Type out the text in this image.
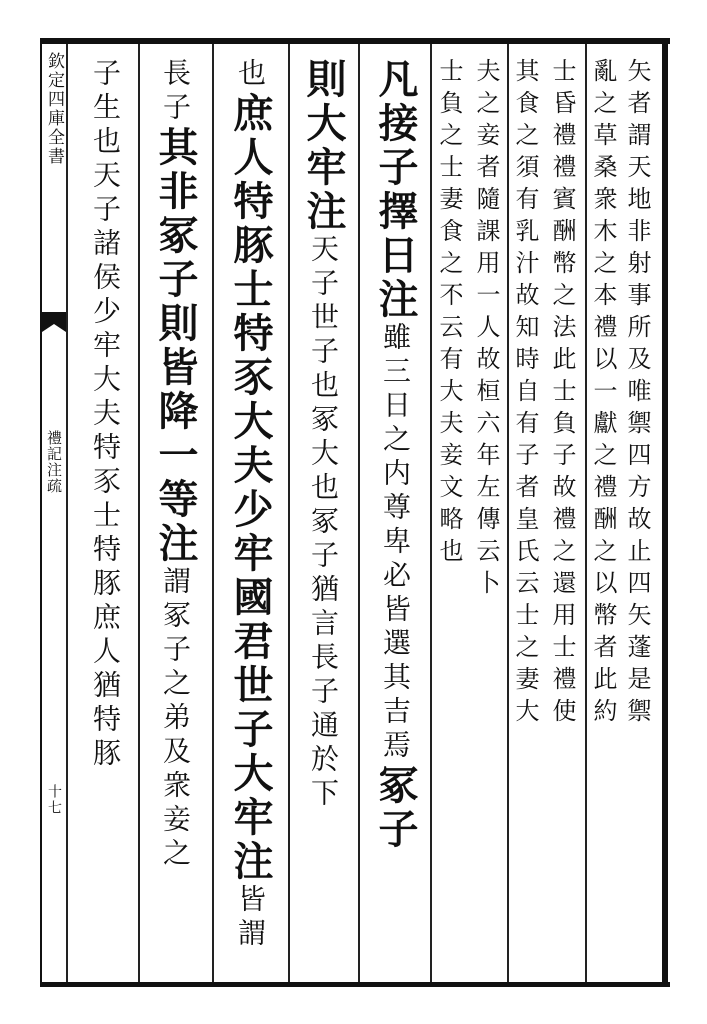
欽定四庫全書
禮記注疏
十七
矢者謂天地非射事所及唯禦四方故止四矢蓬是禦
亂之草桑衆木之本禮以一獻之禮酬之以幣者此約
士昏禮禮賓酬幣之法此士負子故禮之還用士禮使
其食之須有乳汁故知時自有子者皇氏云士之妻大
夫之妾者隨課用一人故桓六年左傳云卜
士負之士妻食之不云有大夫妾文略也
凡接子擇日注雖三日之内尊卑必皆選其吉焉冢子
則大牢注天子世子也冢大也冢子猶言長子通於下
也庶人特豚士特豕大夫少牢國君世子大牢注皆謂
長子其非冢子則皆降一等注謂冢子之弟及衆妾之
子生也天子諸侯少牢大夫特豕士特豚庶人猶特豚
